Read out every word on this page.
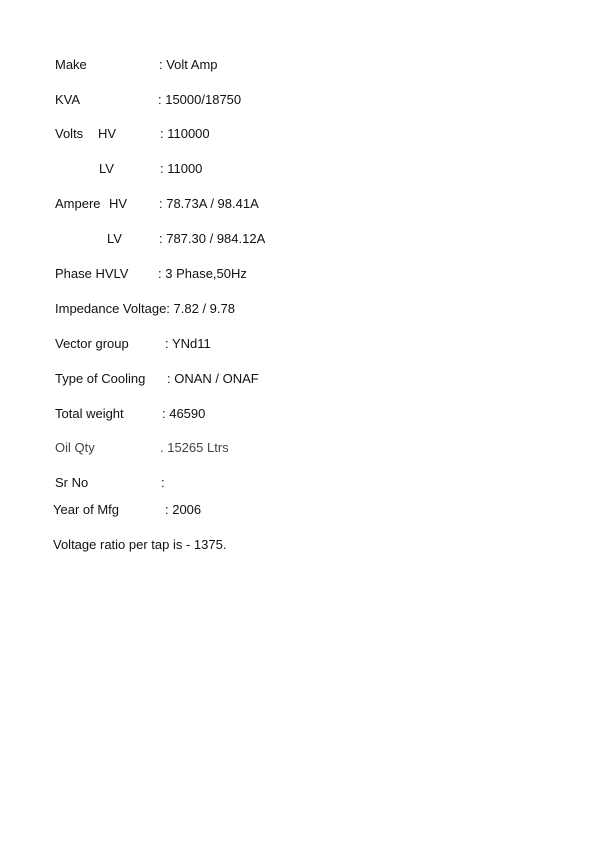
Make	: Volt Amp
KVA	: 15000/18750
Volts HV	: 110000
LV	: 11000
Ampere HV : 78.73A / 98.41A
LV	: 787.30 / 984.12A
Phase HVLV : 3 Phase,50Hz
Impedance Voltage: 7.82 / 9.78
Vector group	: YNd11
Type of Cooling : ONAN / ONAF
Total weight	: 46590
Oil Qty	. 15265 Ltrs
Sr No	:
Year of Mfg	: 2006
Voltage ratio per tap is - 1375.
